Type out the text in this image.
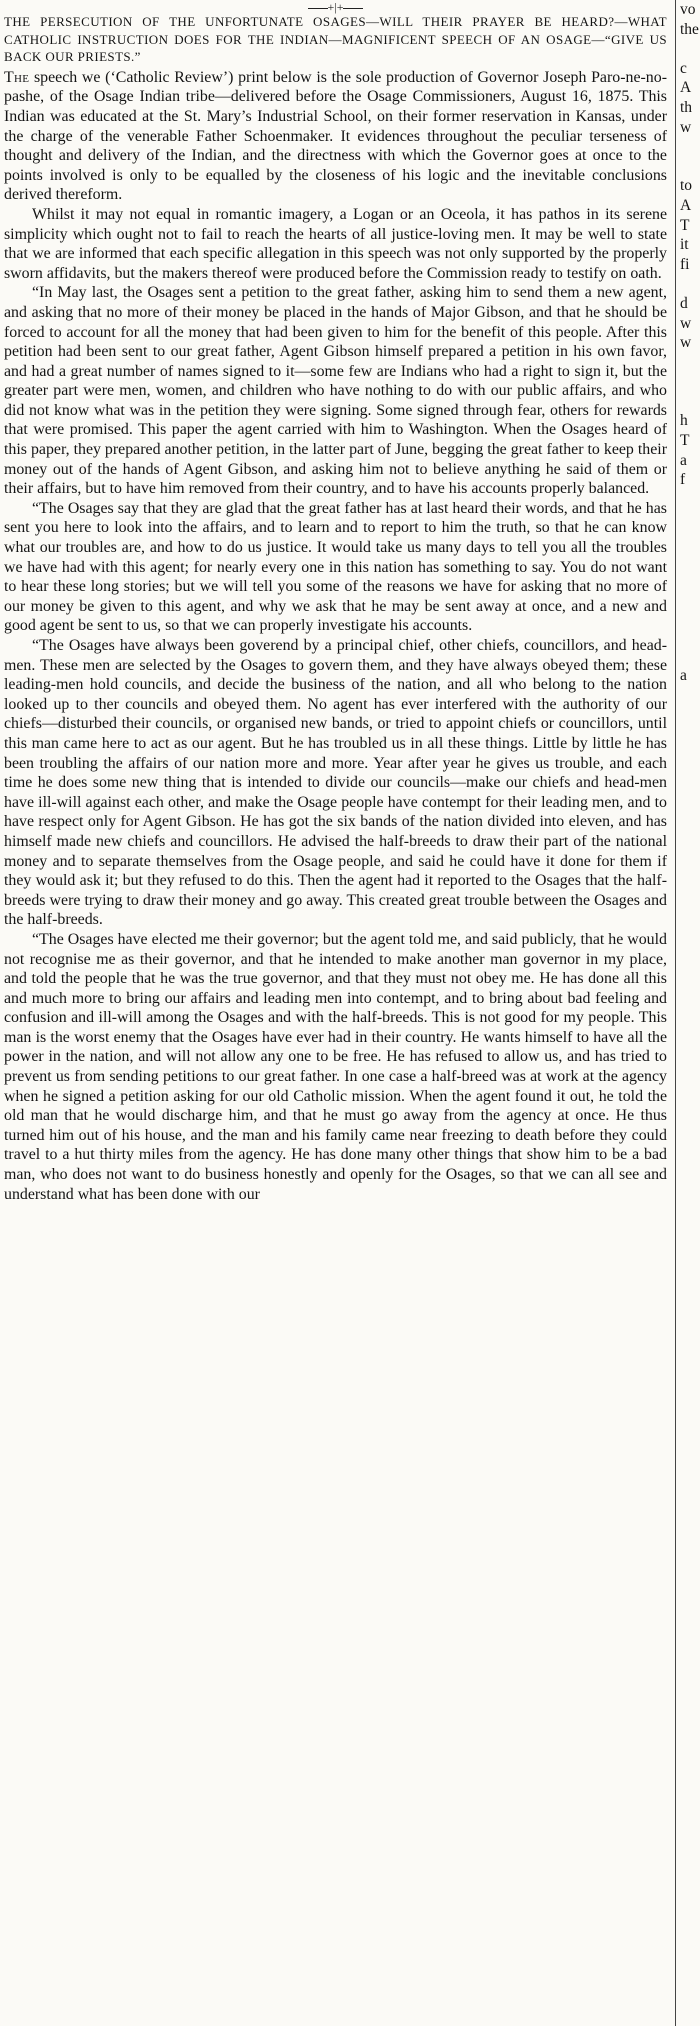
+|+
THE PERSECUTION OF THE UNFORTUNATE OSAGES—WILL THEIR PRAYER BE HEARD?—WHAT CATHOLIC INSTRUCTION DOES FOR THE INDIAN—MAGNIFICENT SPEECH OF AN OSAGE—“GIVE US BACK OUR PRIESTS.”

The speech we (‘Catholic Review’) print below is the sole production of Governor Joseph Paro-ne-no-pashe, of the Osage Indian tribe—delivered before the Osage Commissioners, August 16, 1875. This Indian was educated at the St. Mary’s Industrial School, on their former reservation in Kansas, under the charge of the venerable Father Schoenmaker. It evidences throughout the peculiar terseness of thought and delivery of the Indian, and the directness with which the Governor goes at once to the points involved is only to be equalled by the closeness of his logic and the inevitable conclusions derived thereform.

Whilst it may not equal in romantic imagery, a Logan or an Oceola, it has pathos in its serene simplicity which ought not to fail to reach the hearts of all justice-loving men. It may be well to state that we are informed that each specific allegation in this speech was not only supported by the properly sworn affidavits, but the makers thereof were produced before the Commission ready to testify on oath.

“In May last, the Osages sent a petition to the great father, asking him to send them a new agent, and asking that no more of their money be placed in the hands of Major Gibson, and that he should be forced to account for all the money that had been given to him for the benefit of this people. After this petition had been sent to our great father, Agent Gibson himself prepared a petition in his own favor, and had a great number of names signed to it—some few are Indians who had a right to sign it, but the greater part were men, women, and children who have nothing to do with our public affairs, and who did not know what was in the petition they were signing. Some signed through fear, others for rewards that were promised. This paper the agent carried with him to Washington. When the Osages heard of this paper, they prepared another petition, in the latter part of June, begging the great father to keep their money out of the hands of Agent Gibson, and asking him not to believe anything he said of them or their affairs, but to have him removed from their country, and to have his accounts properly balanced.

“The Osages say that they are glad that the great father has at last heard their words, and that he has sent you here to look into the affairs, and to learn and to report to him the truth, so that he can know what our troubles are, and how to do us justice. It would take us many days to tell you all the troubles we have had with this agent; for nearly every one in this nation has something to say. You do not want to hear these long stories; but we will tell you some of the reasons we have for asking that no more of our money be given to this agent, and why we ask that he may be sent away at once, and a new and good agent be sent to us, so that we can properly investigate his accounts.

“The Osages have always been goverend by a principal chief, other chiefs, councillors, and head-men. These men are selected by the Osages to govern them, and they have always obeyed them; these leading-men hold councils, and decide the business of the nation, and all who belong to the nation looked up to ther councils and obeyed them. No agent has ever interfered with the authority of our chiefs—disturbed their councils, or organised new bands, or tried to appoint chiefs or councillors, until this man came here to act as our agent. But he has troubled us in all these things. Little by little he has been troubling the affairs of our nation more and more. Year after year he gives us trouble, and each time he does some new thing that is intended to divide our councils—make our chiefs and head-men have ill-will against each other, and make the Osage people have contempt for their leading men, and to have respect only for Agent Gibson. He has got the six bands of the nation divided into eleven, and has himself made new chiefs and councillors. He advised the half-breeds to draw their part of the national money and to separate themselves from the Osage people, and said he could have it done for them if they would ask it; but they refused to do this. Then the agent had it reported to the Osages that the half-breeds were trying to draw their money and go away. This created great trouble between the Osages and the half-breeds.

“The Osages have elected me their governor; but the agent told me, and said publicly, that he would not recognise me as their governor, and that he intended to make another man governor in my place, and told the people that he was the true governor, and that they must not obey me. He has done all this and much more to bring our affairs and leading men into contempt, and to bring about bad feeling and confusion and ill-will among the Osages and with the half-breeds. This is not good for my people. This man is the worst enemy that the Osages have ever had in their country. He wants himself to have all the power in the nation, and will not allow any one to be free. He has refused to allow us, and has tried to prevent us from sending petitions to our great father. In one case a half-breed was at work at the agency when he signed a petition asking for our old Catholic mission. When the agent found it out, he told the old man that he would discharge him, and that he must go away from the agency at once. He thus turned him out of his house, and the man and his family came near freezing to death before they could travel to a hut thirty miles from the agency. He has done many other things that show him to be a bad man, who does not want to do business honestly and openly for the Osages, so that we can all see and understand what has been done with our

vo
the
c
A
th
w
to
A
T
it
fi
d
w
w
h
T
a
f
a
